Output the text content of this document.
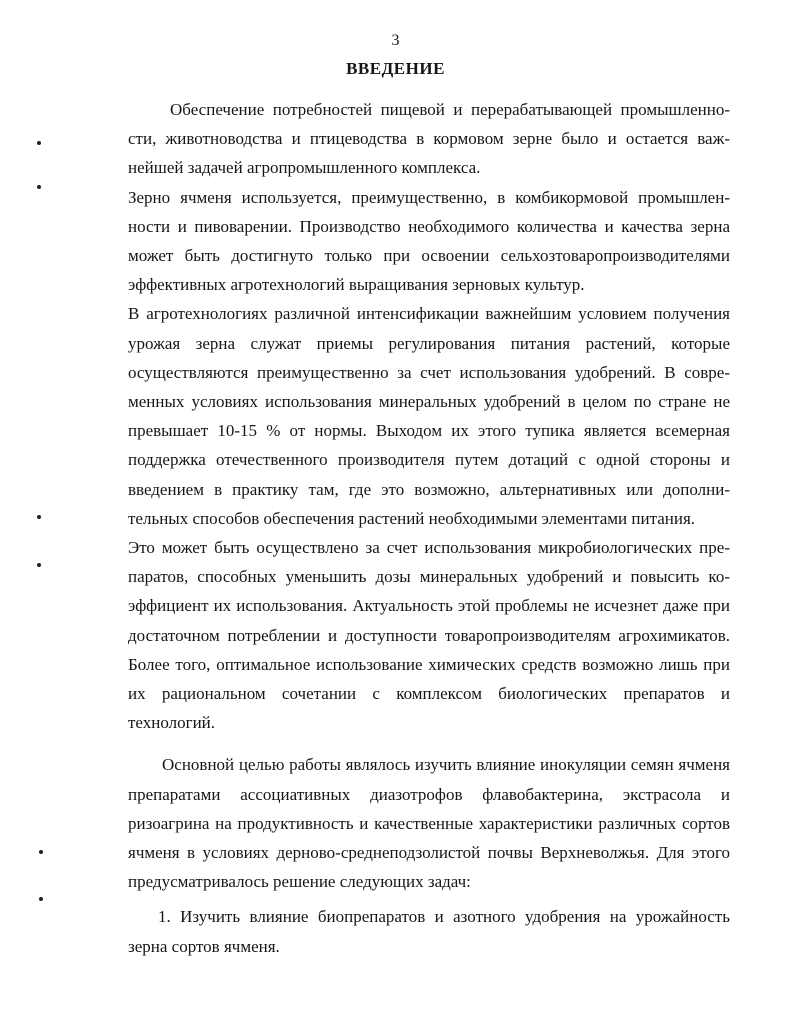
3
ВВЕДЕНИЕ

Обеспечение потребностей пищевой и перерабатывающей промышленности, животноводства и птицеводства в кормовом зерне было и остается важнейшей задачей агропромышленного комплекса.

Зерно ячменя используется, преимущественно, в комбикормовой промышленности и пивоварении. Производство необходимого количества и качества зерна может быть достигнуто только при освоении сельхозтоваропроизводителями эффективных агротехнологий выращивания зерновых культур.

В агротехнологиях различной интенсификации важнейшим условием получения урожая зерна служат приемы регулирования питания растений, которые осуществляются преимущественно за счет использования удобрений. В современных условиях использования минеральных удобрений в целом по стране не превышает 10-15 % от нормы. Выходом их этого тупика является всемерная поддержка отечественного производителя путем дотаций с одной стороны и введением в практику там, где это возможно, альтернативных или дополнительных способов обеспечения растений необходимыми элементами питания.

Это может быть осуществлено за счет использования микробиологических препаратов, способных уменьшить дозы минеральных удобрений и повысить коэффициент их использования. Актуальность этой проблемы не исчезнет даже при достаточном потреблении и доступности товаропроизводителям агрохимикатов. Более того, оптимальное использование химических средств возможно лишь при их рациональном сочетании с комплексом биологических препаратов и технологий.

Основной целью работы являлось изучить влияние инокуляции семян ячменя препаратами ассоциативных диазотрофов флавобактерина, экстрасола и ризоагрина на продуктивность и качественные характеристики различных сортов ячменя в условиях дерново-среднеподзолистой почвы Верхневолжья. Для этого предусматривалось решение следующих задач:

1. Изучить влияние биопрепаратов и азотного удобрения на урожайность зерна сортов ячменя.
